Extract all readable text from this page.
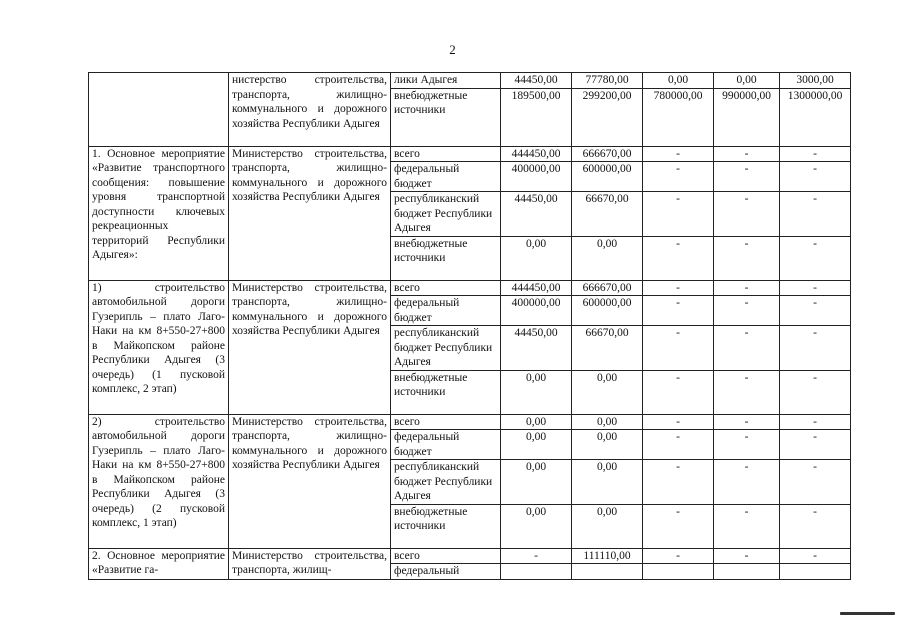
2
	нистерство строительства, транспорта, жилищно-коммунального и дорожного хозяйства Республики Адыгея	лики Адыгея	44450,00	77780,00	0,00	0,00	3000,00
		внебюджетные источники	189500,00	299200,00	780000,00	990000,00	1300000,00
1. Основное мероприятие «Развитие транспортного сообщения: повышение уровня транспортной доступности ключевых рекреационных территорий Республики Адыгея»:	Министерство строительства, транспорта, жилищно-коммунального и дорожного хозяйства Республики Адыгея	всего	444450,00	666670,00	-	-	-
		федеральный бюджет	400000,00	600000,00	-	-	-
		республиканский бюджет Республики Адыгея	44450,00	66670,00	-	-	-
		внебюджетные источники	0,00	0,00	-	-	-
1) строительство автомобильной дороги Гузерипль – плато Лаго-Наки на км 8+550-27+800 в Майкопском районе Республики Адыгея (3 очередь) (1 пусковой комплекс, 2 этап)	Министерство строительства, транспорта, жилищно-коммунального и дорожного хозяйства Республики Адыгея	всего	444450,00	666670,00	-	-	-
		федеральный бюджет	400000,00	600000,00	-	-	-
		республиканский бюджет Республики Адыгея	44450,00	66670,00	-	-	-
		внебюджетные источники	0,00	0,00	-	-	-
2) строительство автомобильной дороги Гузерипль – плато Лаго-Наки на км 8+550-27+800 в Майкопском районе Республики Адыгея (3 очередь) (2 пусковой комплекс, 1 этап)	Министерство строительства, транспорта, жилищно-коммунального и дорожного хозяйства Республики Адыгея	всего	0,00	0,00	-	-	-
		федеральный бюджет	0,00	0,00	-	-	-
		республиканский бюджет Республики Адыгея	0,00	0,00	-	-	-
		внебюджетные источники	0,00	0,00	-	-	-
2. Основное мероприятие «Развитие га-	Министерство строительства, транспорта, жилищ-	всего	-	111110,00	-	-	-
		федеральный					
